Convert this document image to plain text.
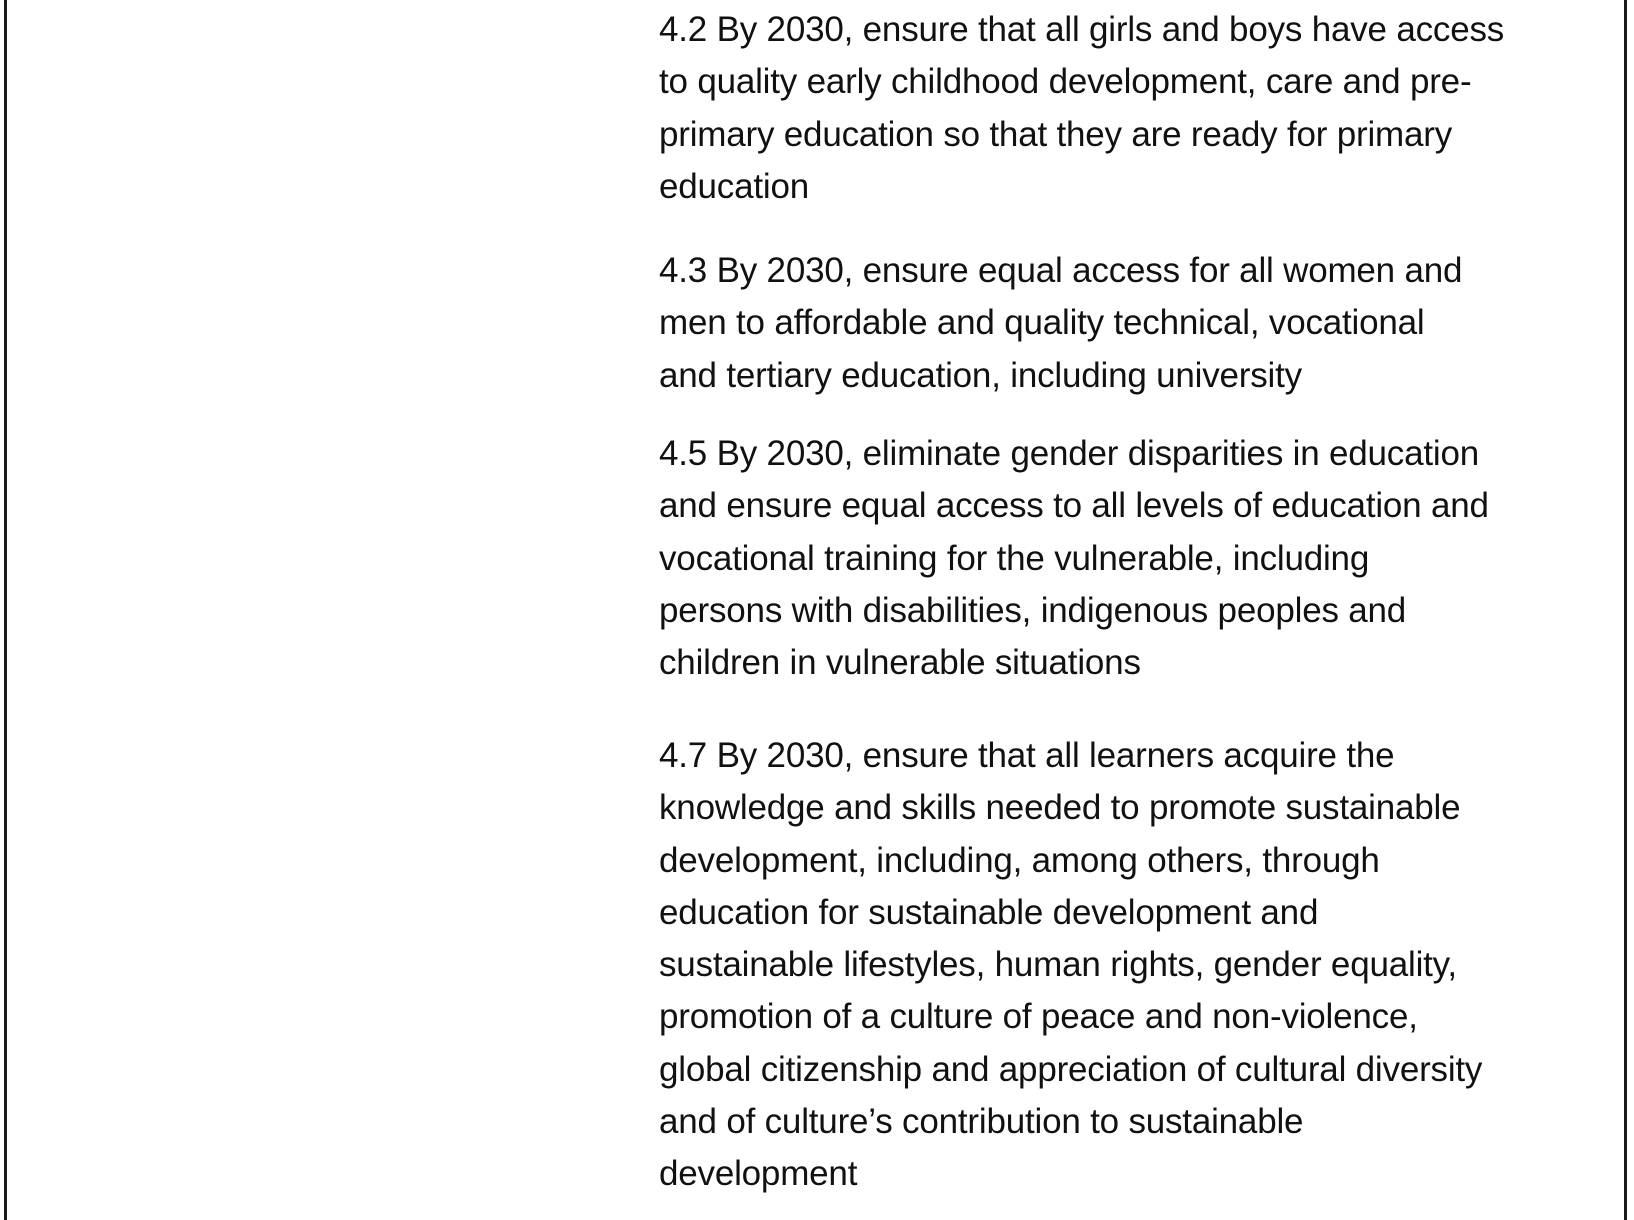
4.2 By 2030, ensure that all girls and boys have access
to quality early childhood development, care and pre-
primary education so that they are ready for primary
education

4.3 By 2030, ensure equal access for all women and
men to affordable and quality technical, vocational
and tertiary education, including university

4.5 By 2030, eliminate gender disparities in education
and ensure equal access to all levels of education and
vocational training for the vulnerable, including
persons with disabilities, indigenous peoples and
children in vulnerable situations

4.7 By 2030, ensure that all learners acquire the
knowledge and skills needed to promote sustainable
development, including, among others, through
education for sustainable development and
sustainable lifestyles, human rights, gender equality,
promotion of a culture of peace and non-violence,
global citizenship and appreciation of cultural diversity
and of culture’s contribution to sustainable
development
